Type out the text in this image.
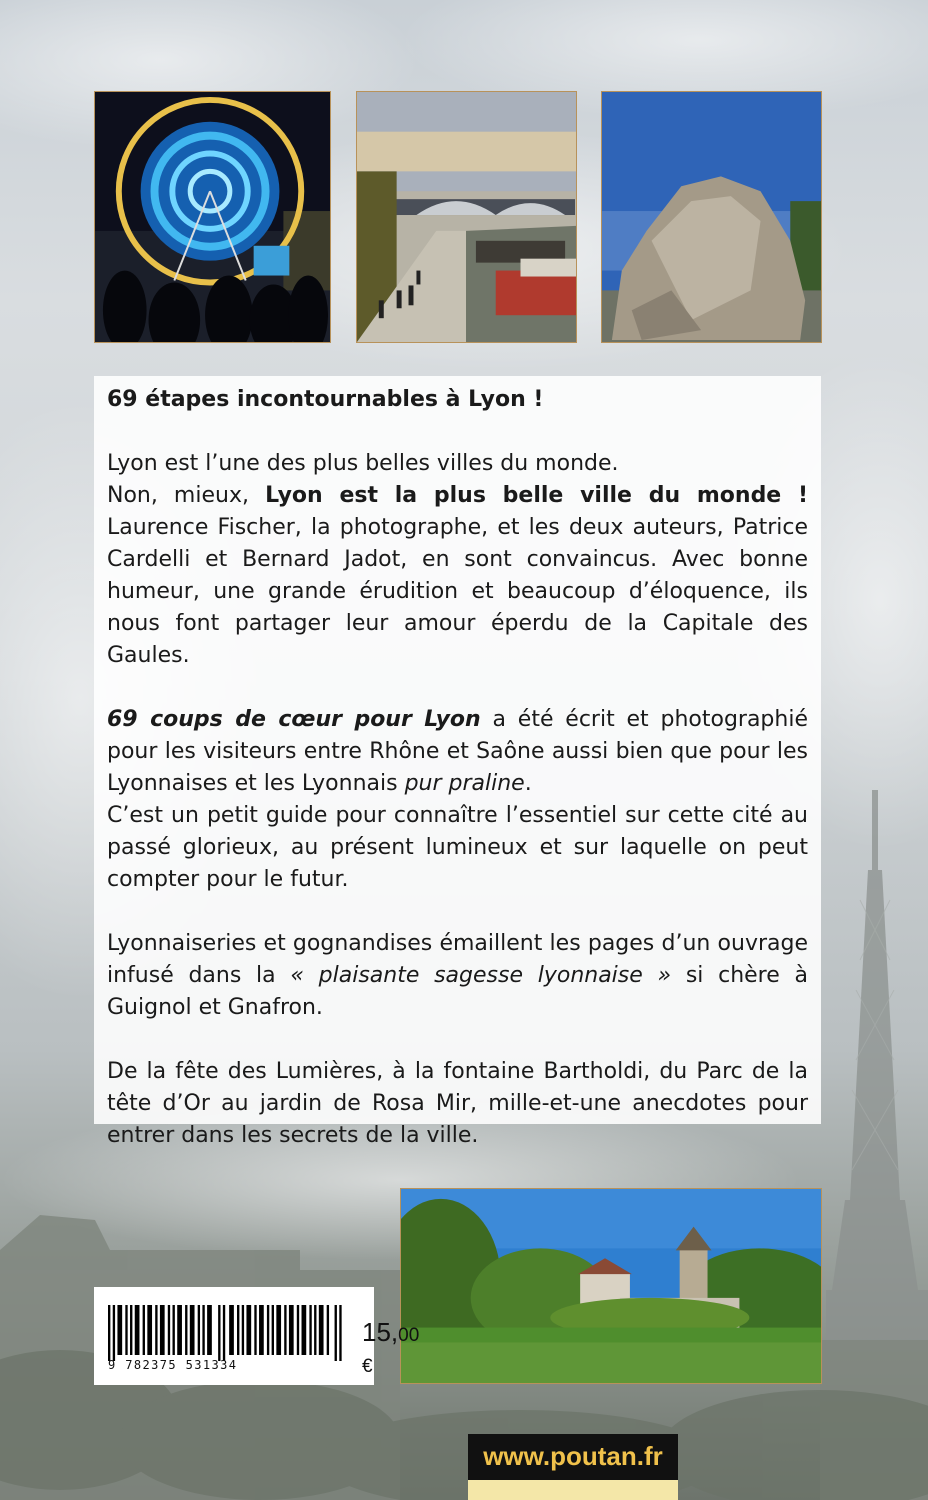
69 étapes incontournables à Lyon !

Lyon est l’une des plus belles villes du monde.

Non, mieux, Lyon est la plus belle ville du monde ! Laurence Fischer, la photographe, et les deux auteurs, Patrice Cardelli et Bernard Jadot, en sont convaincus. Avec bonne humeur, une grande érudition et beaucoup d’éloquence, ils nous font partager leur amour éperdu de la Capitale des Gaules.

69 coups de cœur pour Lyon a été écrit et photographié pour les visiteurs entre Rhône et Saône aussi bien que pour les Lyonnaises et les Lyonnais pur praline.

C’est un petit guide pour connaître l’essentiel sur cette cité au passé glorieux, au présent lumineux et sur laquelle on peut compter pour le futur.

Lyonnaiseries et gognandises émaillent les pages d’un ouvrage infusé dans la « plaisante sagesse lyonnaise » si chère à Guignol et Gnafron.

De la fête des Lumières, à la fontaine Bartholdi, du Parc de la tête d’Or au jardin de Rosa Mir, mille-et-une anecdotes pour entrer dans les secrets de la ville.

9 782375 531334
15,00 €
www.poutan.fr
